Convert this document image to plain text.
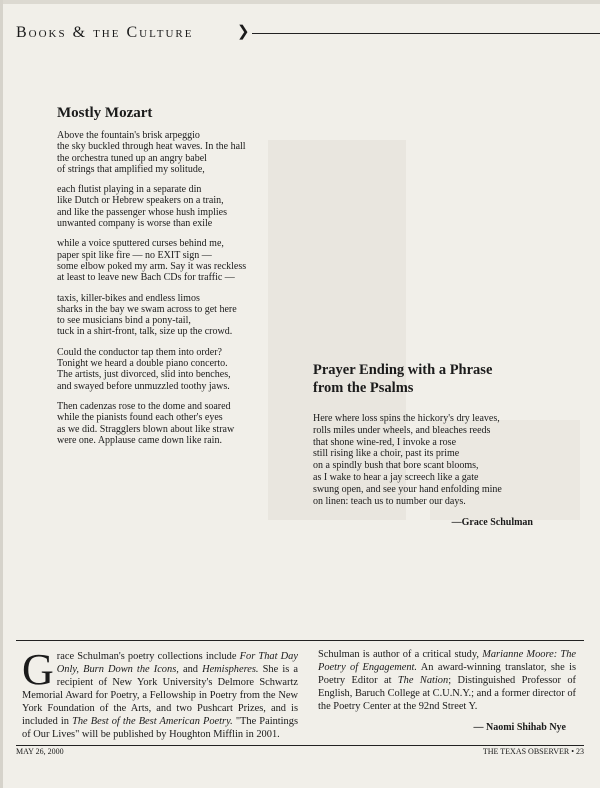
Books & the Culture	❯
Mostly Mozart
Above the fountain's brisk arpeggio
the sky buckled through heat waves. In the hall
the orchestra tuned up an angry babel
of strings that amplified my solitude,
each flutist playing in a separate din
like Dutch or Hebrew speakers on a train,
and like the passenger whose hush implies
unwanted company is worse than exile
while a voice sputtered curses behind me,
paper spit like fire — no EXIT sign —
some elbow poked my arm. Say it was reckless
at least to leave new Bach CDs for traffic —
taxis, killer-bikes and endless limos
sharks in the bay we swam across to get here
to see musicians bind a pony-tail,
tuck in a shirt-front, talk, size up the crowd.
Could the conductor tap them into order?
Tonight we heard a double piano concerto.
The artists, just divorced, slid into benches,
and swayed before unmuzzled toothy jaws.
Then cadenzas rose to the dome and soared
while the pianists found each other's eyes
as we did. Stragglers blown about like straw
were one. Applause came down like rain.
Prayer Ending with a Phrase
from the Psalms
Here where loss spins the hickory's dry leaves,
rolls miles under wheels, and bleaches reeds
that shone wine-red, I invoke a rose
still rising like a choir, past its prime
on a spindly bush that bore scant blooms,
as I wake to hear a jay screech like a gate
swung open, and see your hand enfolding mine
on linen: teach us to number our days.
—Grace Schulman
Grace Schulman's poetry collections include For That Day Only, Burn Down the Icons, and Hemispheres. She is a recipient of New York University's Delmore Schwartz Memorial Award for Poetry, a Fellowship in Poetry from the New York Foundation of the Arts, and two Pushcart Prizes, and is included in The Best of the Best American Poetry. "The Paintings of Our Lives" will be published by Houghton Mifflin in 2001.
Schulman is author of a critical study, Marianne Moore: The Poetry of Engagement. An award-winning translator, she is Poetry Editor at The Nation; Distinguished Professor of English, Baruch College at C.U.N.Y.; and a former director of the Poetry Center at the 92nd Street Y.
— Naomi Shihab Nye
MAY 26, 2000	THE TEXAS OBSERVER • 23
